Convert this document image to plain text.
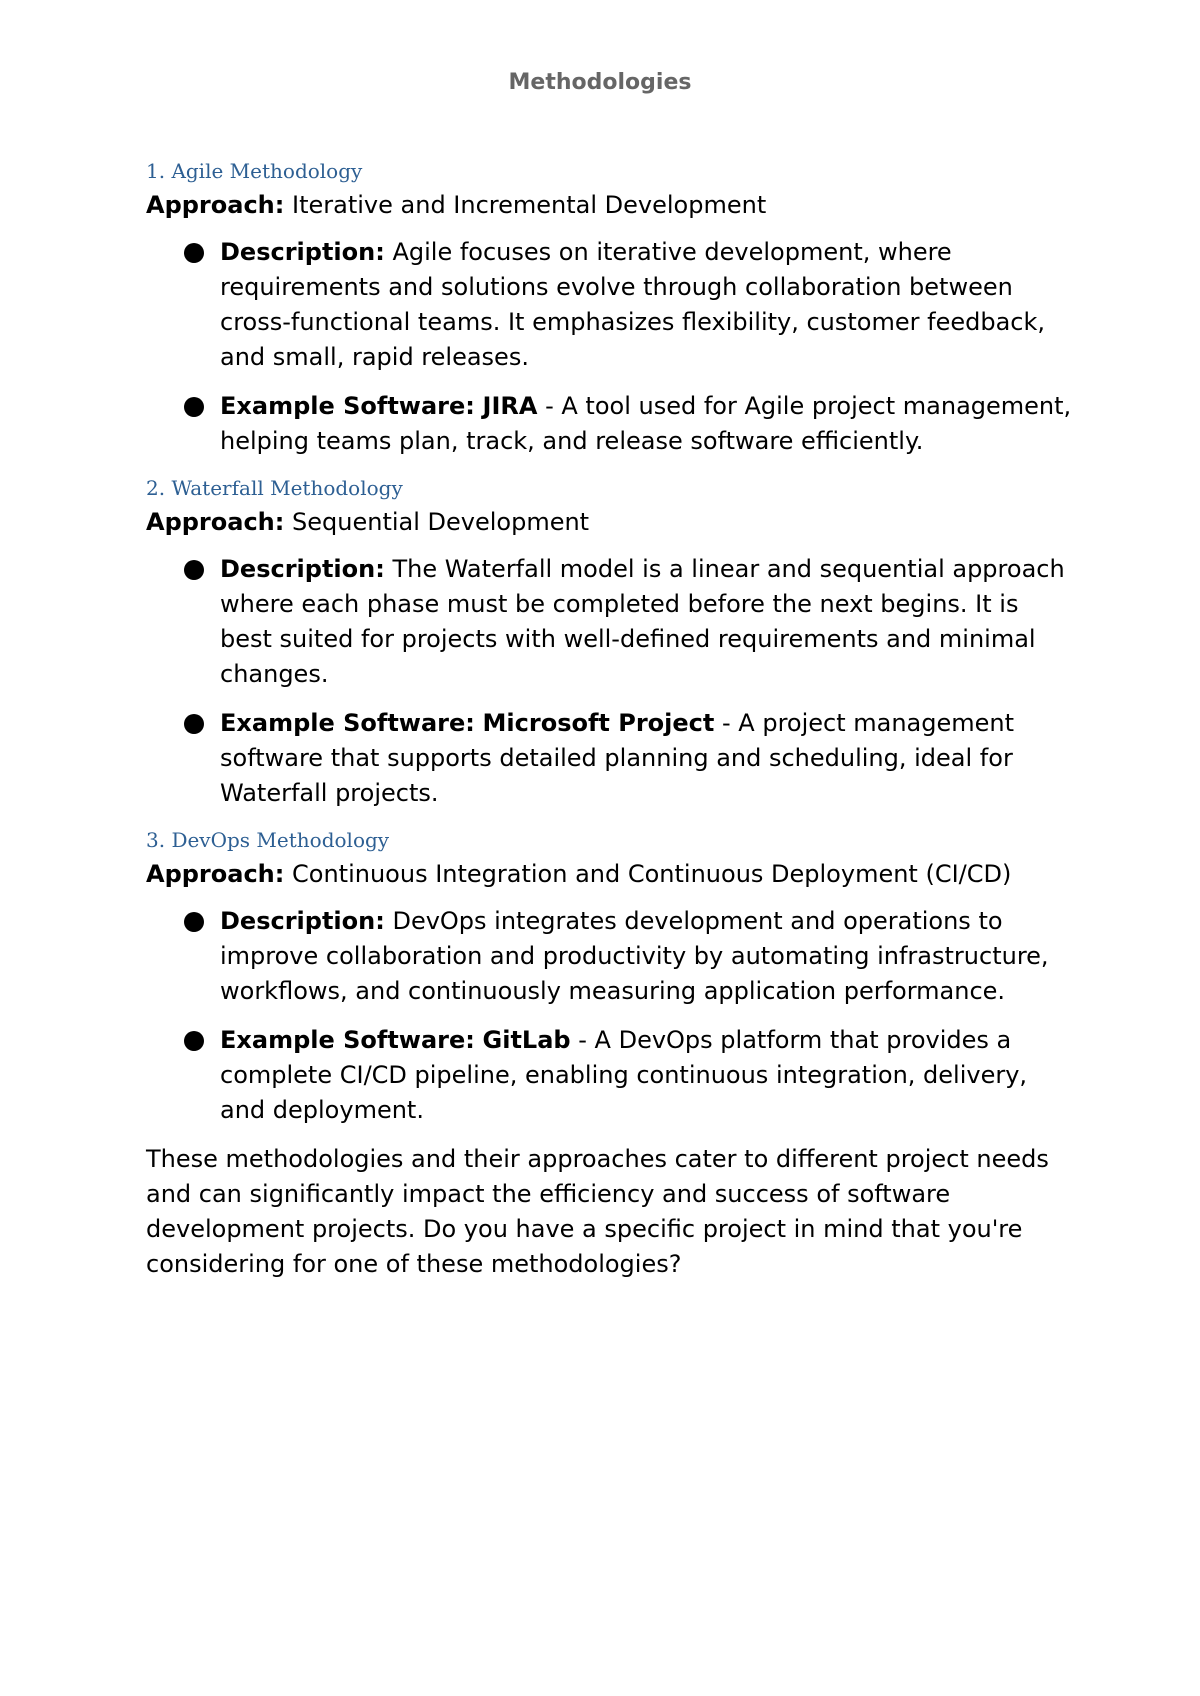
Methodologies

1. Agile Methodology

Approach: Iterative and Incremental Development

Description: Agile focuses on iterative development, where requirements and solutions evolve through collaboration between cross-functional teams. It emphasizes flexibility, customer feedback, and small, rapid releases.
Example Software: JIRA - A tool used for Agile project management, helping teams plan, track, and release software efficiently.

2. Waterfall Methodology

Approach: Sequential Development

Description: The Waterfall model is a linear and sequential approach where each phase must be completed before the next begins. It is best suited for projects with well-defined requirements and minimal changes.
Example Software: Microsoft Project - A project management software that supports detailed planning and scheduling, ideal for Waterfall projects.

3. DevOps Methodology

Approach: Continuous Integration and Continuous Deployment (CI/CD)

Description: DevOps integrates development and operations to improve collaboration and productivity by automating infrastructure, workflows, and continuously measuring application performance.
Example Software: GitLab - A DevOps platform that provides a complete CI/CD pipeline, enabling continuous integration, delivery, and deployment.

These methodologies and their approaches cater to different project needs and can significantly impact the efficiency and success of software development projects. Do you have a specific project in mind that you're considering for one of these methodologies?
